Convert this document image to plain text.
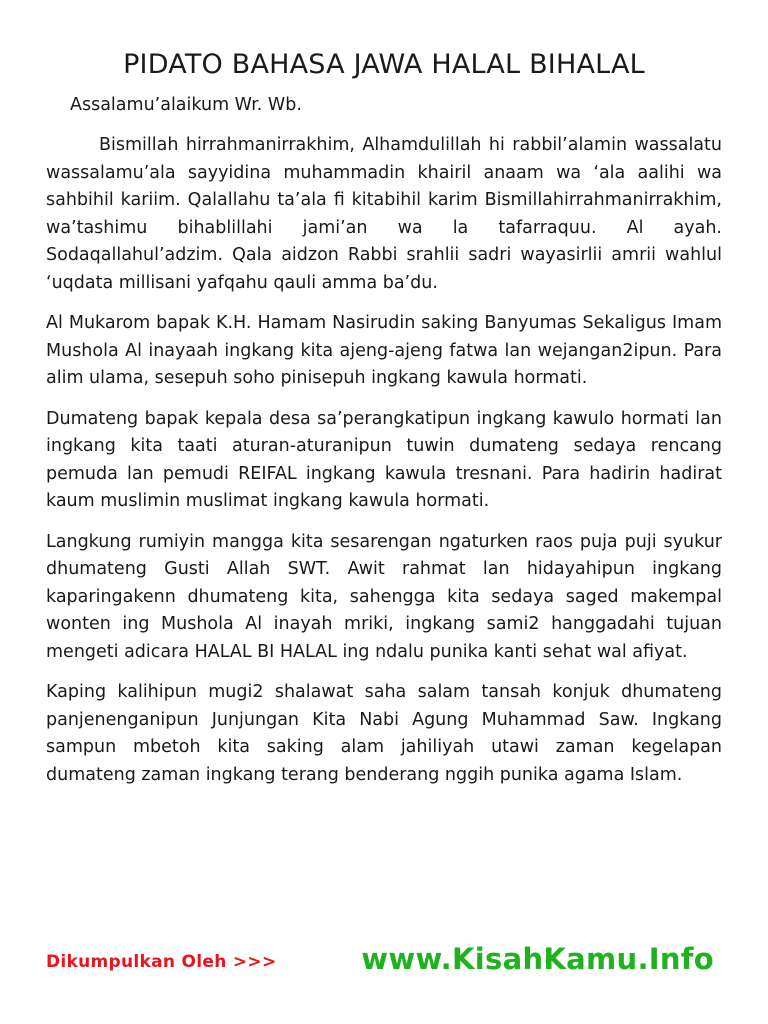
PIDATO BAHASA JAWA HALAL BIHALAL

Assalamu’alaikum Wr. Wb.

Bismillah hirrahmanirrakhim, Alhamdulillah hi rabbil’alamin wassalatu wassalamu’ala sayyidina muhammadin khairil anaam wa ‘ala aalihi wa sahbihil kariim. Qalallahu ta’ala fi kitabihil karim Bismillahirrahmanirrakhim, wa’tashimu bihablillahi jami’an wa la tafarraquu. Al ayah. Sodaqallahul’adzim. Qala aidzon Rabbi srahlii sadri wayasirlii amrii wahlul ‘uqdata millisani yafqahu qauli amma ba’du.

Al Mukarom bapak K.H. Hamam Nasirudin saking Banyumas Sekaligus Imam Mushola Al inayaah ingkang kita ajeng-ajeng fatwa lan wejangan2ipun. Para alim ulama, sesepuh soho pinisepuh ingkang kawula hormati.

Dumateng bapak kepala desa sa’perangkatipun ingkang kawulo hormati lan ingkang kita taati aturan-aturanipun tuwin dumateng sedaya rencang pemuda lan pemudi REIFAL ingkang kawula tresnani. Para hadirin hadirat kaum muslimin muslimat ingkang kawula hormati.

Langkung rumiyin mangga kita sesarengan ngaturken raos puja puji syukur dhumateng Gusti Allah SWT. Awit rahmat lan hidayahipun ingkang kaparingakenn dhumateng kita, sahengga kita sedaya saged makempal wonten ing Mushola Al inayah mriki, ingkang sami2 hanggadahi tujuan mengeti adicara HALAL BI HALAL ing ndalu punika kanti sehat wal afiyat.

Kaping kalihipun mugi2 shalawat saha salam tansah konjuk dhumateng panjenenganipun Junjungan Kita Nabi Agung Muhammad Saw. Ingkang sampun mbetoh kita saking alam jahiliyah utawi zaman kegelapan dumateng zaman ingkang terang benderang nggih punika agama Islam.

Dikumpulkan Oleh >>>	www.KisahKamu.Info
